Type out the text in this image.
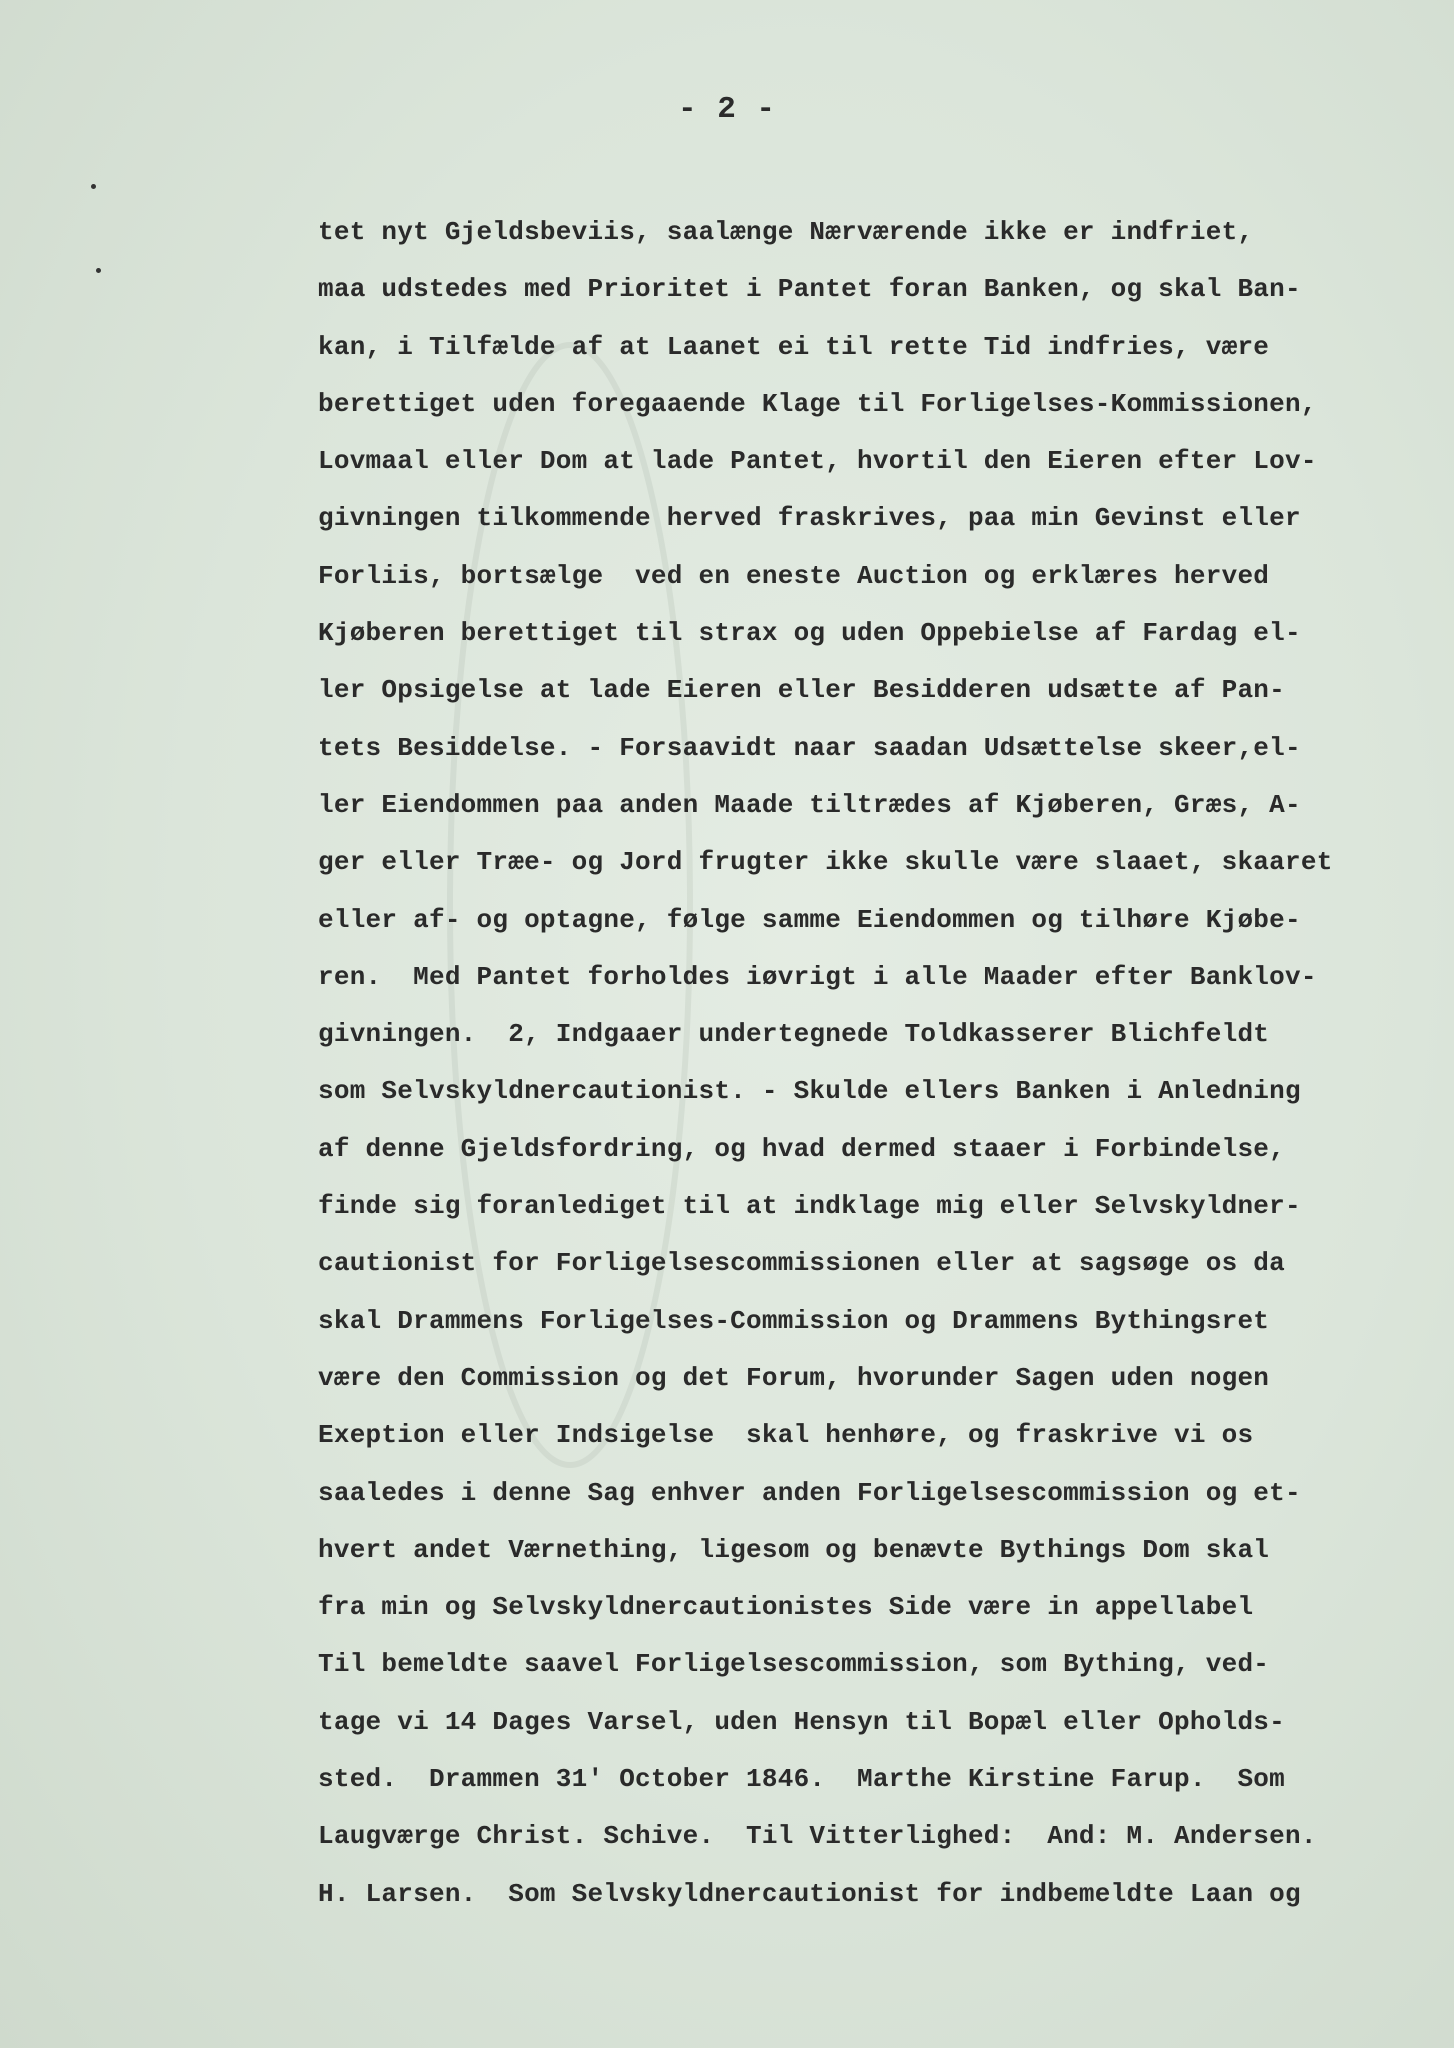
- 2 -
tet nyt Gjeldsbeviis, saalænge Nærværende ikke er indfriet,
maa udstedes med Prioritet i Pantet foran Banken, og skal Ban-
kan, i Tilfælde af at Laanet ei til rette Tid indfries, være
berettiget uden foregaaende Klage til Forligelses-Kommissionen,
Lovmaal eller Dom at lade Pantet, hvortil den Eieren efter Lov-
givningen tilkommende herved fraskrives, paa min Gevinst eller
Forliis, bortsælge  ved en eneste Auction og erklæres herved
Kjøberen berettiget til strax og uden Oppebielse af Fardag el-
ler Opsigelse at lade Eieren eller Besidderen udsætte af Pan-
tets Besiddelse. - Forsaavidt naar saadan Udsættelse skeer,el-
ler Eiendommen paa anden Maade tiltrædes af Kjøberen, Græs, A-
ger eller Træe- og Jord frugter ikke skulle være slaaet, skaaret
eller af- og optagne, følge samme Eiendommen og tilhøre Kjøbe-
ren.  Med Pantet forholdes iøvrigt i alle Maader efter Banklov-
givningen.  2, Indgaaer undertegnede Toldkasserer Blichfeldt
som Selvskyldnercautionist. - Skulde ellers Banken i Anledning
af denne Gjeldsfordring, og hvad dermed staaer i Forbindelse,
finde sig foranlediget til at indklage mig eller Selvskyldner-
cautionist for Forligelsescommissionen eller at sagsøge os da
skal Drammens Forligelses-Commission og Drammens Bythingsret
være den Commission og det Forum, hvorunder Sagen uden nogen
Exeption eller Indsigelse  skal henhøre, og fraskrive vi os
saaledes i denne Sag enhver anden Forligelsescommission og et-
hvert andet Værnething, ligesom og benævte Bythings Dom skal
fra min og Selvskyldnercautionistes Side være in appellabel
Til bemeldte saavel Forligelsescommission, som Bything, ved-
tage vi 14 Dages Varsel, uden Hensyn til Bopæl eller Opholds-
sted.  Drammen 31' October 1846.  Marthe Kirstine Farup.  Som
Laugværge Christ. Schive.  Til Vitterlighed:  And: M. Andersen.
H. Larsen.  Som Selvskyldnercautionist for indbemeldte Laan og
